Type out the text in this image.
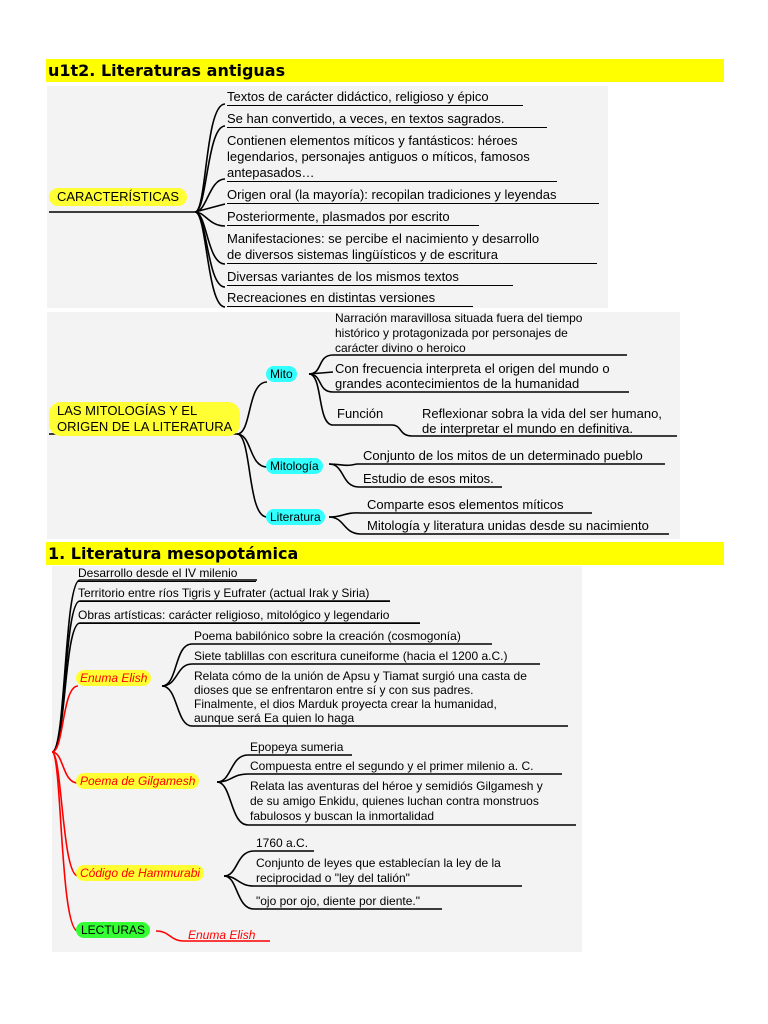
u1t2. Literaturas antiguas
CARACTERÍSTICAS
Textos de carácter didáctico, religioso y épico
Se han convertido, a veces, en textos sagrados.
Contienen elementos míticos y fantásticos: héroes
legendarios, personajes antiguos o míticos, famosos
antepasados…
Origen oral (la mayoría): recopilan tradiciones y leyendas
Posteriormente, plasmados por escrito
Manifestaciones: se percibe el nacimiento y desarrollo
de diversos sistemas lingüísticos y de escritura
Diversas variantes de los mismos textos
Recreaciones en distintas versiones
LAS MITOLOGÍAS Y EL
ORIGEN DE LA LITERATURA
Mito
Narración maravillosa situada fuera del tiempo
histórico y protagonizada por personajes de
carácter divino o heroico
Con frecuencia interpreta el origen del mundo o
grandes acontecimientos de la humanidad
Función	Reflexionar sobra la vida del ser humano,
de interpretar el mundo en definitiva.
Mitología
Conjunto de los mitos de un determinado pueblo
Estudio de esos mitos.
Literatura
Comparte esos elementos míticos
Mitología y literatura unidas desde su nacimiento
1. Literatura mesopotámica
Desarrollo desde el IV milenio
Territorio entre ríos Tigris y Eufrater (actual Irak y Siria)
Obras artísticas: carácter religioso, mitológico y legendario
Enuma Elish
Poema babilónico sobre la creación (cosmogonía)
Siete tablillas con escritura cuneiforme (hacia el 1200 a.C.)
Relata cómo de la unión de Apsu y Tiamat surgió una casta de
dioses que se enfrentaron entre sí y con sus padres.
Finalmente, el dios Marduk proyecta crear la humanidad,
aunque será Ea quien lo haga
Poema de Gilgamesh
Epopeya sumeria
Compuesta entre el segundo y el primer milenio a. C.
Relata las aventuras del héroe y semidiós Gilgamesh y
de su amigo Enkidu, quienes luchan contra monstruos
fabulosos y buscan la inmortalidad
Código de Hammurabi
1760 a.C.
Conjunto de leyes que establecían la ley de la
reciprocidad o "ley del talión"
"ojo por ojo, diente por diente."
LECTURAS	Enuma Elish
